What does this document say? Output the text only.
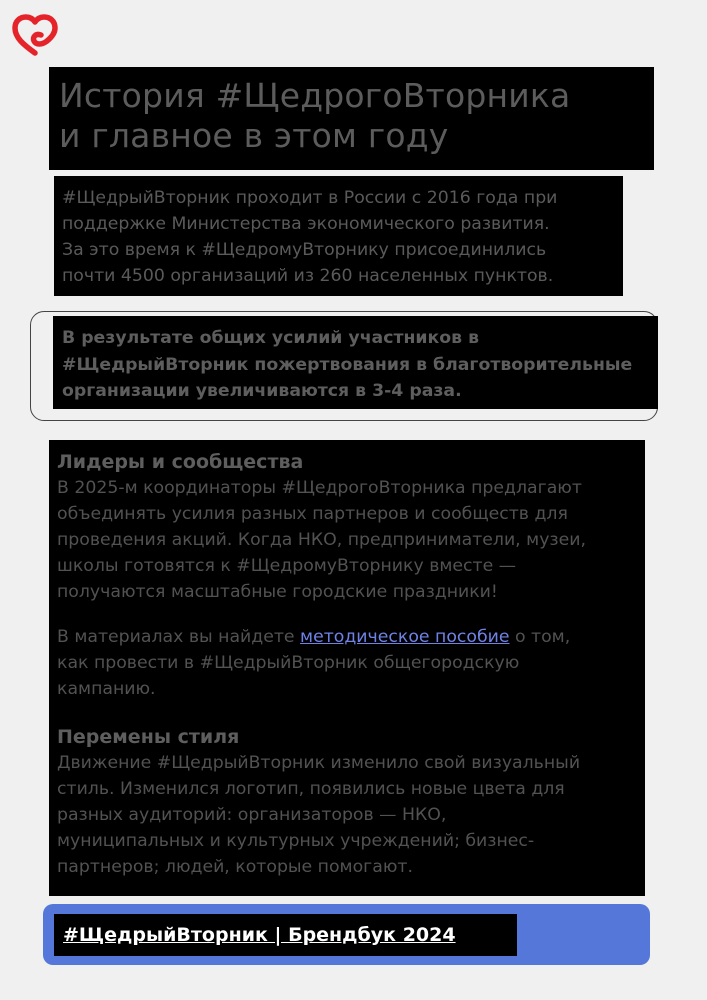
История #ЩедрогоВторника
и главное в этом году

#ЩедрыйВторник проходит в России с 2016 года при

поддержке Министерства экономического развития.

За это время к #ЩедромуВторнику присоединились

почти 4500 организаций из 260 населенных пунктов.

В результате общих усилий участников в

#ЩедрыйВторник пожертвования в благотворительные

организации увеличиваются в 3-4 раза.

Лидеры и сообщества

В 2025-м координаторы #ЩедрогоВторника предлагают

объединять усилия разных партнеров и сообществ для

проведения акций. Когда НКО, предприниматели, музеи,

школы готовятся к #ЩедромуВторнику вместе —

получаются масштабные городские праздники!

В материалах вы найдете методическое пособие о том,

как провести в #ЩедрыйВторник общегородскую

кампанию.

Перемены стиля

Движение #ЩедрыйВторник изменило свой визуальный

стиль. Изменился логотип, появились новые цвета для

разных аудиторий: организаторов — НКО,

муниципальных и культурных учреждений; бизнес-

партнеров; людей, которые помогают.

#ЩедрыйВторник | Брендбук 2024
